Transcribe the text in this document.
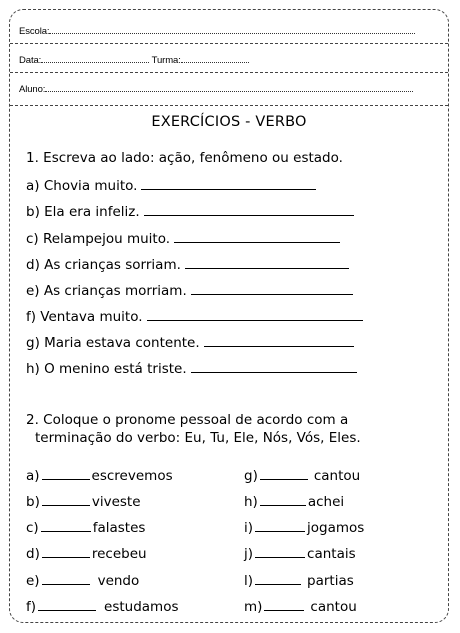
Escola:
Data:	Turma:
Aluno:
EXERCÍCIOS - VERBO
1. Escreva ao lado: ação, fenômeno ou estado.
a) Chovia muito.
b) Ela era infeliz.
c) Relampejou muito.
d) As crianças sorriam.
e) As crianças morriam.
f) Ventava muito.
g) Maria estava contente.
h) O menino está triste.
2. Coloque o pronome pessoal de acordo com a
terminação do verbo: Eu, Tu, Ele, Nós, Vós, Eles.
a)	escrevemos
b)	viveste
c)	falastes
d)	recebeu
e)	vendo
f)	estudamos
g)	cantou
h)	achei
i)	jogamos
j)	cantais
l)	partias
m)	cantou
